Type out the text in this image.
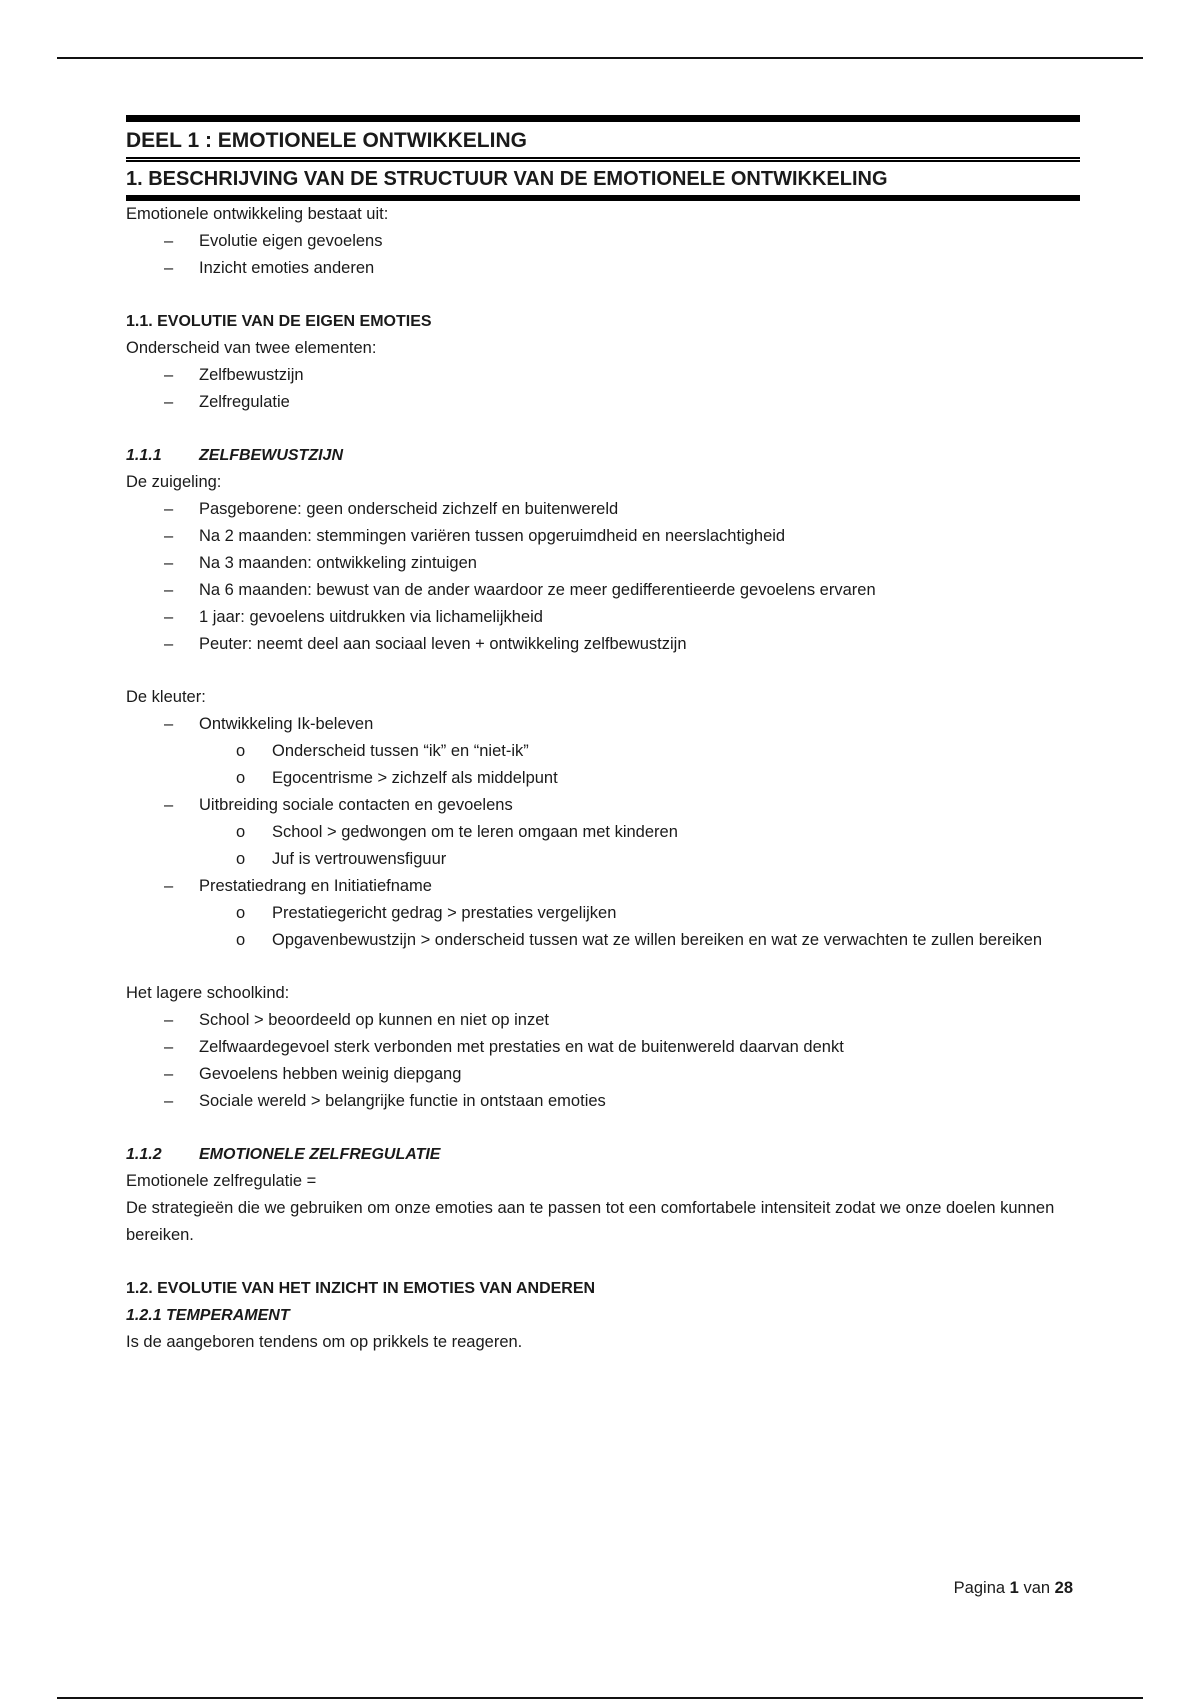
DEEL 1 : EMOTIONELE ONTWIKKELING
1. BESCHRIJVING VAN DE STRUCTUUR VAN DE EMOTIONELE ONTWIKKELING
Emotionele ontwikkeling bestaat uit:
– Evolutie eigen gevoelens
– Inzicht emoties anderen
1.1. EVOLUTIE VAN DE EIGEN EMOTIES
Onderscheid van twee elementen:
– Zelfbewustzijn
– Zelfregulatie
1.1.1 ZELFBEWUSTZIJN
De zuigeling:
– Pasgeborene: geen onderscheid zichzelf en buitenwereld
– Na 2 maanden: stemmingen variëren tussen opgeruimdheid en neerslachtigheid
– Na 3 maanden: ontwikkeling zintuigen
– Na 6 maanden: bewust van de ander waardoor ze meer gedifferentieerde gevoelens ervaren
– 1 jaar: gevoelens uitdrukken via lichamelijkheid
– Peuter: neemt deel aan sociaal leven + ontwikkeling zelfbewustzijn
De kleuter:
– Ontwikkeling Ik-beleven
o Onderscheid tussen “ik” en “niet-ik”
o Egocentrisme > zichzelf als middelpunt
– Uitbreiding sociale contacten en gevoelens
o School > gedwongen om te leren omgaan met kinderen
o Juf is vertrouwensfiguur
– Prestatiedrang en Initiatiefname
o Prestatiegericht gedrag > prestaties vergelijken
o Opgavenbewustzijn > onderscheid tussen wat ze willen bereiken en wat ze verwachten te zullen bereiken
Het lagere schoolkind:
– School > beoordeeld op kunnen en niet op inzet
– Zelfwaardegevoel sterk verbonden met prestaties en wat de buitenwereld daarvan denkt
– Gevoelens hebben weinig diepgang
– Sociale wereld > belangrijke functie in ontstaan emoties
1.1.2 EMOTIONELE ZELFREGULATIE
Emotionele zelfregulatie =
De strategieën die we gebruiken om onze emoties aan te passen tot een comfortabele intensiteit zodat we onze doelen kunnen bereiken.
1.2. EVOLUTIE VAN HET INZICHT IN EMOTIES VAN ANDEREN
1.2.1 TEMPERAMENT
Is de aangeboren tendens om op prikkels te reageren.
Pagina 1 van 28
